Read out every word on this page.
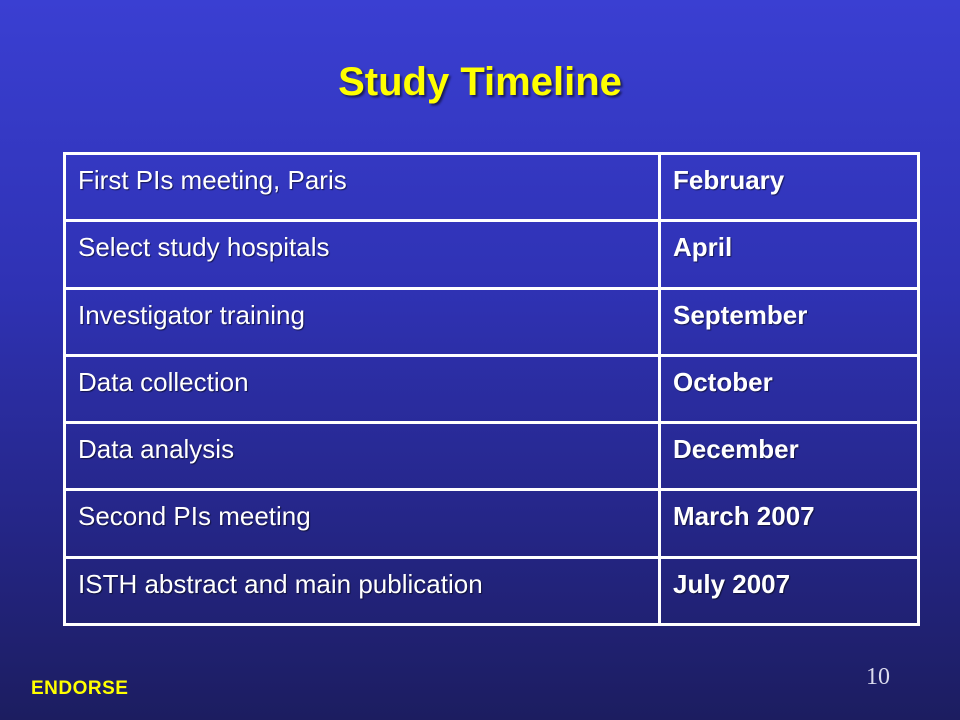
Study Timeline
First PIs meeting, Paris	February
Select study hospitals	April
Investigator training	September
Data collection	October
Data analysis	December
Second PIs meeting	March 2007
ISTH abstract and main publication	July 2007
10
ENDORSE
